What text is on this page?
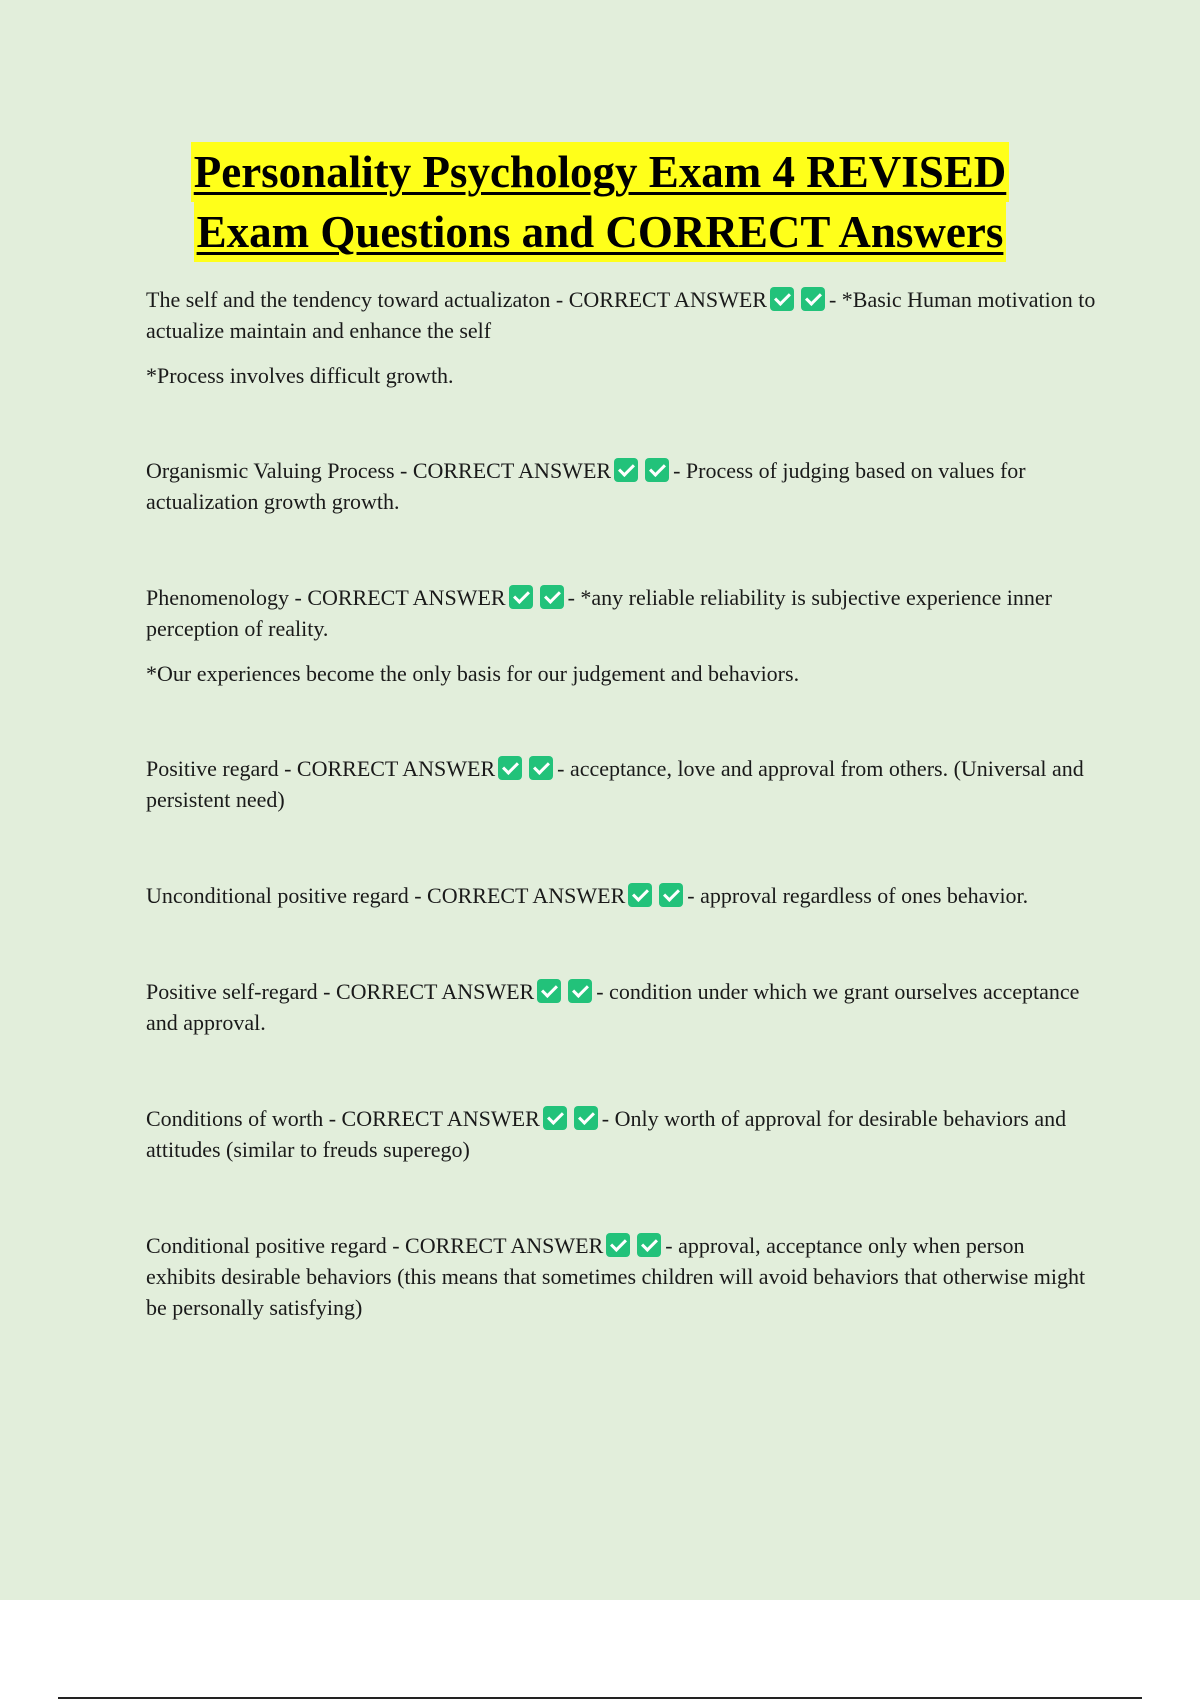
Personality Psychology Exam 4 REVISED
Exam Questions and CORRECT Answers

The self and the tendency toward actualizaton - CORRECT ANSWER	- *Basic Human motivation to actualize maintain and enhance the self

*Process involves difficult growth.

Organismic Valuing Process - CORRECT ANSWER	- Process of judging based on values for actualization growth growth.

Phenomenology - CORRECT ANSWER	- *any reliable reliability is subjective experience inner perception of reality.

*Our experiences become the only basis for our judgement and behaviors.

Positive regard - CORRECT ANSWER	- acceptance, love and approval from others. (Universal and persistent need)

Unconditional positive regard - CORRECT ANSWER	- approval regardless of ones behavior.

Positive self-regard - CORRECT ANSWER	- condition under which we grant ourselves acceptance and approval.

Conditions of worth - CORRECT ANSWER	- Only worth of approval for desirable behaviors and attitudes (similar to freuds superego)

Conditional positive regard - CORRECT ANSWER	- approval, acceptance only when person exhibits desirable behaviors (this means that sometimes children will avoid behaviors that otherwise might be personally satisfying)
